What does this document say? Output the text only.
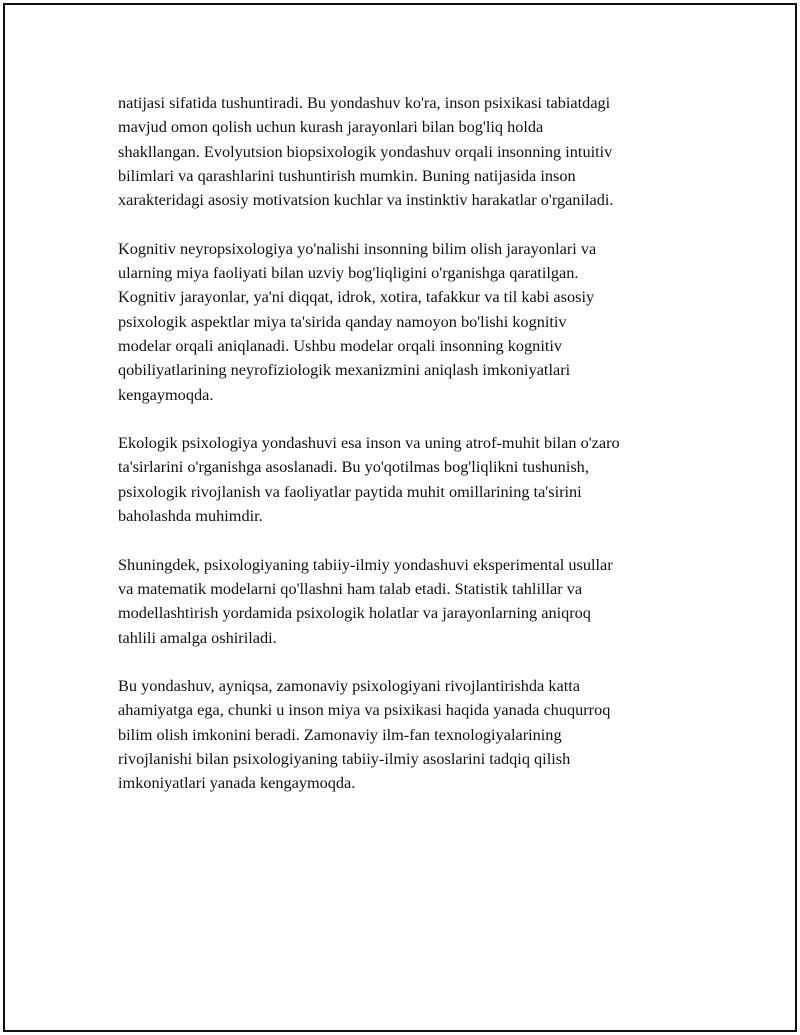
natijasi sifatida tushuntiradi. Bu yondashuv ko'ra, inson psixikasi tabiatdagi
mavjud omon qolish uchun kurash jarayonlari bilan bog'liq holda
shakllangan. Evolyutsion biopsixologik yondashuv orqali insonning intuitiv
bilimlari va qarashlarini tushuntirish mumkin. Buning natijasida inson
xarakteridagi asosiy motivatsion kuchlar va instinktiv harakatlar o'rganiladi.

Kognitiv neyropsixologiya yo'nalishi insonning bilim olish jarayonlari va
ularning miya faoliyati bilan uzviy bog'liqligini o'rganishga qaratilgan.
Kognitiv jarayonlar, ya'ni diqqat, idrok, xotira, tafakkur va til kabi asosiy
psixologik aspektlar miya ta'sirida qanday namoyon bo'lishi kognitiv
modelar orqali aniqlanadi. Ushbu modelar orqali insonning kognitiv
qobiliyatlarining neyrofiziologik mexanizmini aniqlash imkoniyatlari
kengaymoqda.

Ekologik psixologiya yondashuvi esa inson va uning atrof-muhit bilan o'zaro
ta'sirlarini o'rganishga asoslanadi. Bu yo'qotilmas bog'liqlikni tushunish,
psixologik rivojlanish va faoliyatlar paytida muhit omillarining ta'sirini
baholashda muhimdir.

Shuningdek, psixologiyaning tabiiy-ilmiy yondashuvi eksperimental usullar
va matematik modelarni qo'llashni ham talab etadi. Statistik tahlillar va
modellashtirish yordamida psixologik holatlar va jarayonlarning aniqroq
tahlili amalga oshiriladi.

Bu yondashuv, ayniqsa, zamonaviy psixologiyani rivojlantirishda katta
ahamiyatga ega, chunki u inson miya va psixikasi haqida yanada chuqurroq
bilim olish imkonini beradi. Zamonaviy ilm-fan texnologiyalarining
rivojlanishi bilan psixologiyaning tabiiy-ilmiy asoslarini tadqiq qilish
imkoniyatlari yanada kengaymoqda.
